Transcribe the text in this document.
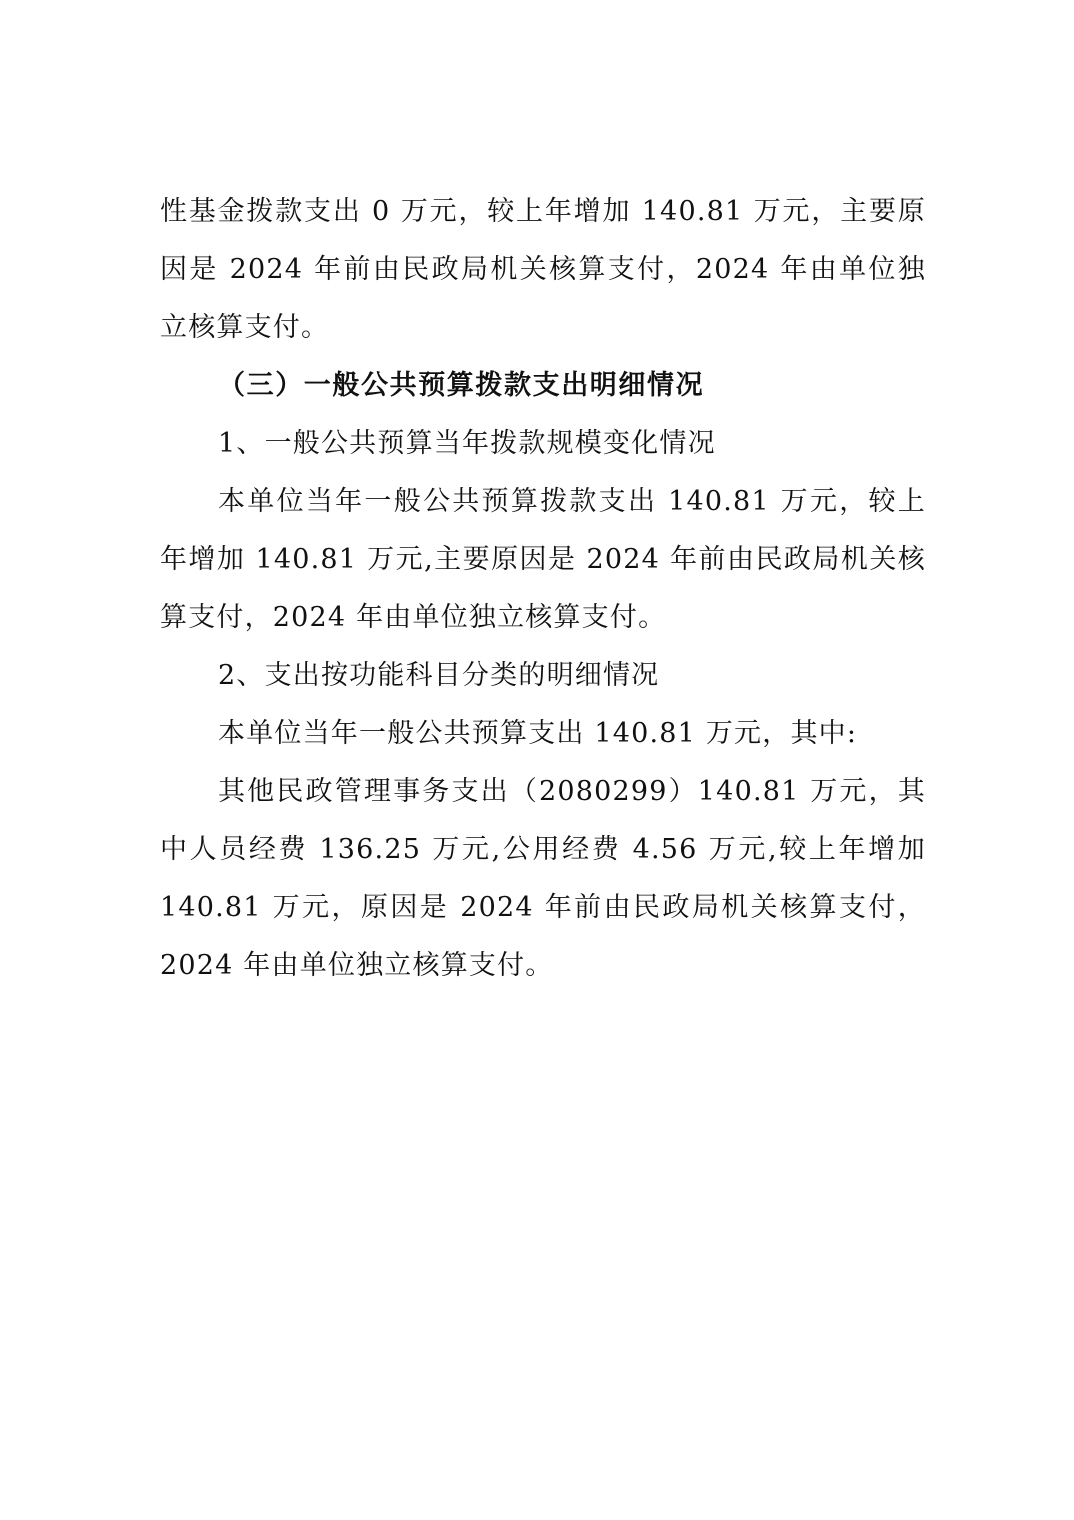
性基金拨款支出 0 万元，较上年增加 140.81 万元，主要原因是 2024 年前由民政局机关核算支付，2024 年由单位独立核算支付。

（三）一般公共预算拨款支出明细情况

1、一般公共预算当年拨款规模变化情况

本单位当年一般公共预算拨款支出 140.81 万元，较上年增加 140.81 万元,主要原因是 2024 年前由民政局机关核算支付，2024 年由单位独立核算支付。

2、支出按功能科目分类的明细情况

本单位当年一般公共预算支出 140.81 万元，其中:

其他民政管理事务支出（2080299）140.81 万元，其中人员经费 136.25 万元,公用经费 4.56 万元,较上年增加 140.81 万元，原因是 2024 年前由民政局机关核算支付，2024 年由单位独立核算支付。
